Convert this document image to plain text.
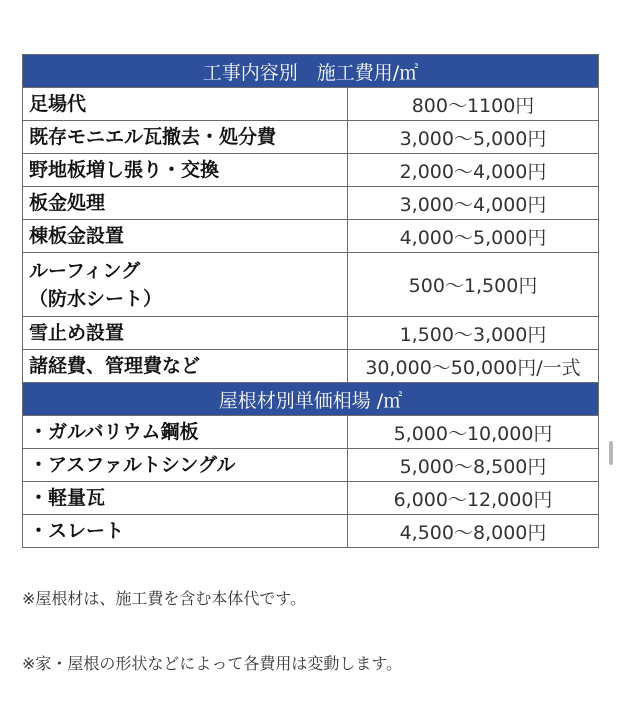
工事内容別　施工費用/㎡	
足場代	800〜1100円
既存モニエル瓦撤去・処分費	3,000〜5,000円
野地板増し張り・交換	2,000〜4,000円
板金処理	3,000〜4,000円
棟板金設置	4,000〜5,000円
ルーフィング
（防水シート）	500〜1,500円
雪止め設置	1,500〜3,000円
諸経費、管理費など	30,000〜50,000円/一式
屋根材別単価相場 /㎡	
・ガルバリウム鋼板	5,000〜10,000円
・アスファルトシングル	5,000〜8,500円
・軽量瓦	6,000〜12,000円
・スレート	4,500〜8,000円
※屋根材は、施工費を含む本体代です。
※家・屋根の形状などによって各費用は変動します。
